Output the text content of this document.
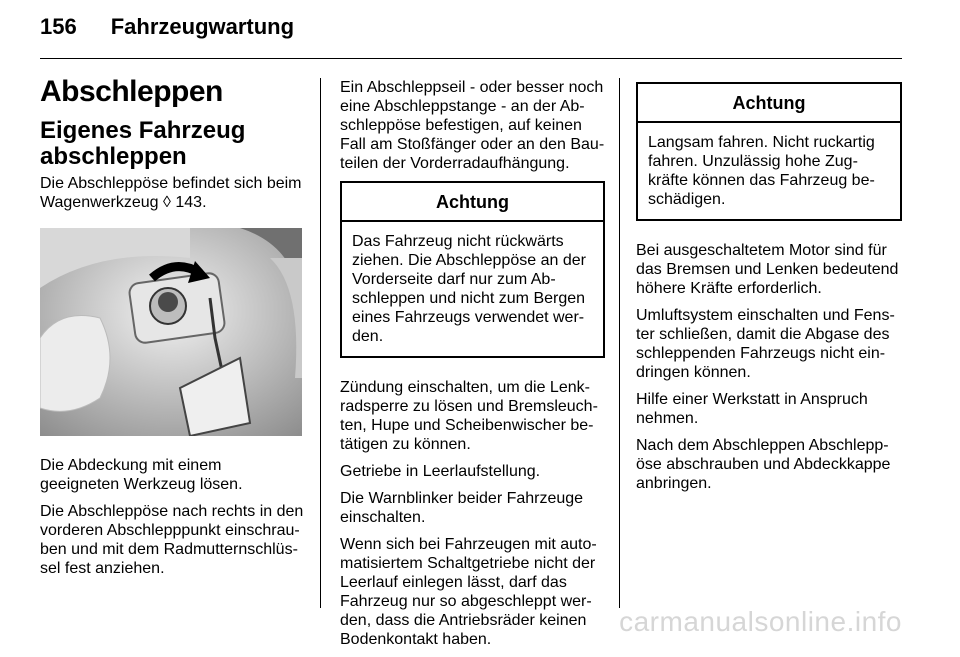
156 Fahrzeugwartung
Abschleppen
Eigenes Fahrzeug abschleppen

Die Abschleppöse befindet sich beim Wagenwerkzeug ◊ 143.

Die Abdeckung mit einem geeigneten Werkzeug lösen.

Die Abschleppöse nach rechts in den vorderen Abschlepppunkt einschrauben und mit dem Radmutternschlüssel fest anziehen.

Ein Abschleppseil - oder besser noch eine Abschleppstange - an der Abschleppöse befestigen, auf keinen Fall am Stoßfänger oder an den Bauteilen der Vorderradaufhängung.

Achtung
Das Fahrzeug nicht rückwärts ziehen. Die Abschleppöse an der Vorderseite darf nur zum Abschleppen und nicht zum Bergen eines Fahrzeugs verwendet werden.

Zündung einschalten, um die Lenkradsperre zu lösen und Bremsleuchten, Hupe und Scheibenwischer betätigen zu können.

Getriebe in Leerlaufstellung.

Die Warnblinker beider Fahrzeuge einschalten.

Wenn sich bei Fahrzeugen mit automatisiertem Schaltgetriebe nicht der Leerlauf einlegen lässt, darf das Fahrzeug nur so abgeschleppt werden, dass die Antriebsräder keinen Bodenkontakt haben.

Achtung
Langsam fahren. Nicht ruckartig fahren. Unzulässig hohe Zugkräfte können das Fahrzeug beschädigen.

Bei ausgeschaltetem Motor sind für das Bremsen und Lenken bedeutend höhere Kräfte erforderlich.

Umluftsystem einschalten und Fenster schließen, damit die Abgase des schleppenden Fahrzeugs nicht eindringen können.

Hilfe einer Werkstatt in Anspruch nehmen.

Nach dem Abschleppen Abschleppöse abschrauben und Abdeckkappe anbringen.

carmanualsonline.info
